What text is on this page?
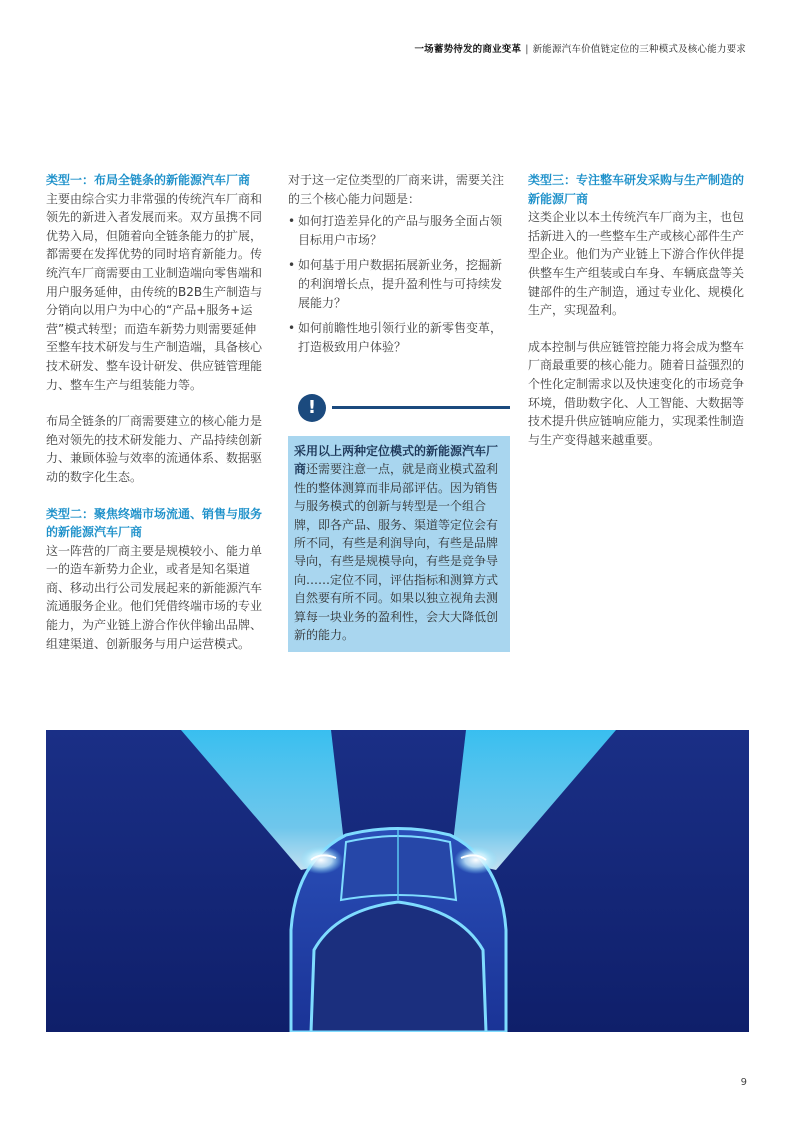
一场蓄势待发的商业变革 | 新能源汽车价值链定位的三种模式及核心能力要求

类型一：布局全链条的新能源汽车厂商

主要由综合实力非常强的传统汽车厂商和领先的新进入者发展而来。双方虽携不同优势入局，但随着向全链条能力的扩展，都需要在发挥优势的同时培育新能力。传统汽车厂商需要由工业制造端向零售端和用户服务延伸，由传统的B2B生产制造与分销向以用户为中心的“产品+服务+运营”模式转型；而造车新势力则需要延伸至整车技术研发与生产制造端，具备核心技术研发、整车设计研发、供应链管理能力、整车生产与组装能力等。

布局全链条的厂商需要建立的核心能力是绝对领先的技术研发能力、产品持续创新力、兼顾体验与效率的流通体系、数据驱动的数字化生态。

类型二：聚焦终端市场流通、销售与服务的新能源汽车厂商

这一阵营的厂商主要是规模较小、能力单一的造车新势力企业，或者是知名渠道商、移动出行公司发展起来的新能源汽车流通服务企业。他们凭借终端市场的专业能力，为产业链上游合作伙伴输出品牌、组建渠道、创新服务与用户运营模式。

对于这一定位类型的厂商来讲，需要关注的三个核心能力问题是：

• 如何打造差异化的产品与服务全面占领目标用户市场？
• 如何基于用户数据拓展新业务，挖掘新的利润增长点，提升盈利性与可持续发展能力？
• 如何前瞻性地引领行业的新零售变革，打造极致用户体验？
!
采用以上两种定位模式的新能源汽车厂商还需要注意一点，就是商业模式盈利性的整体测算而非局部评估。因为销售与服务模式的创新与转型是一个组合牌，即各产品、服务、渠道等定位会有所不同，有些是利润导向，有些是品牌导向，有些是规模导向，有些是竞争导向……定位不同，评估指标和测算方式自然要有所不同。如果以独立视角去测算每一块业务的盈利性，会大大降低创新的能力。

类型三：专注整车研发采购与生产制造的新能源厂商

这类企业以本土传统汽车厂商为主，也包括新进入的一些整车生产或核心部件生产型企业。他们为产业链上下游合作伙伴提供整车生产组装或白车身、车辆底盘等关键部件的生产制造，通过专业化、规模化生产，实现盈利。

成本控制与供应链管控能力将会成为整车厂商最重要的核心能力。随着日益强烈的个性化定制需求以及快速变化的市场竞争环境，借助数字化、人工智能、大数据等技术提升供应链响应能力，实现柔性制造与生产变得越来越重要。

9
